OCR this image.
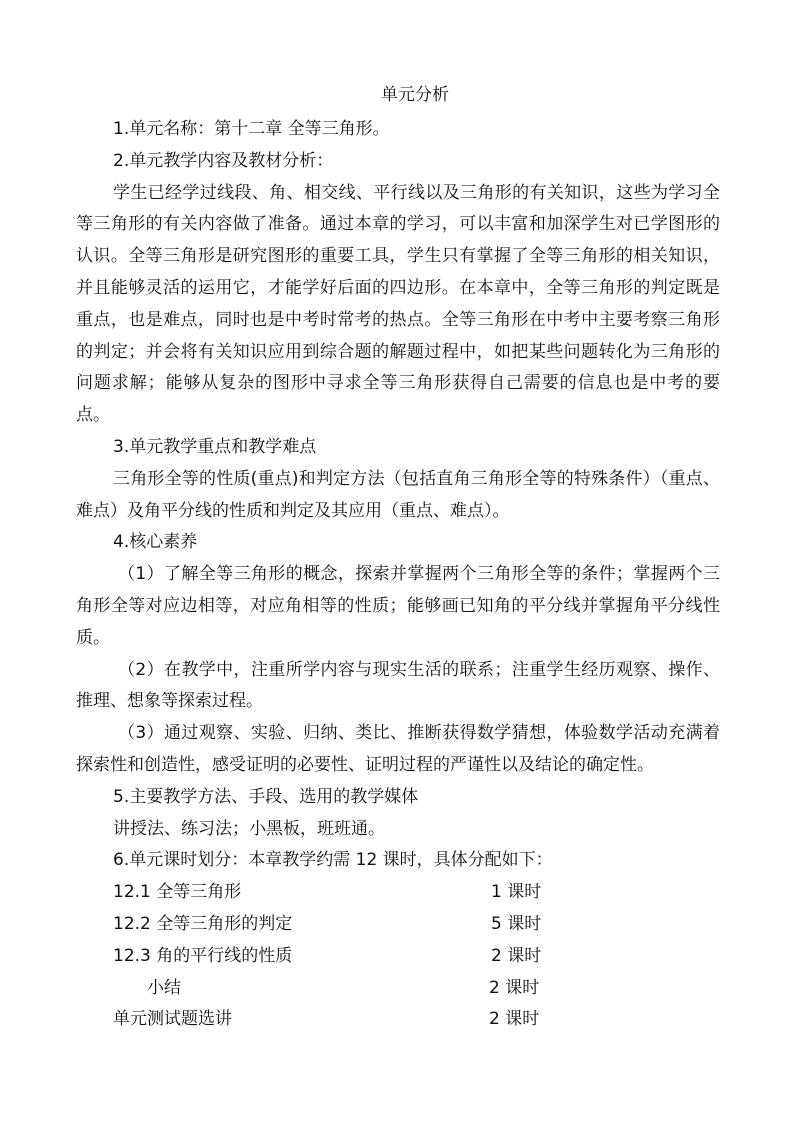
单元分析

1.单元名称：第十二章 全等三角形。

2.单元教学内容及教材分析：

学生已经学过线段、角、相交线、平行线以及三角形的有关知识，这些为学习全等三角形的有关内容做了准备。通过本章的学习，可以丰富和加深学生对已学图形的认识。全等三角形是研究图形的重要工具，学生只有掌握了全等三角形的相关知识，并且能够灵活的运用它，才能学好后面的四边形。在本章中，全等三角形的判定既是重点，也是难点，同时也是中考时常考的热点。全等三角形在中考中主要考察三角形的判定；并会将有关知识应用到综合题的解题过程中，如把某些问题转化为三角形的问题求解；能够从复杂的图形中寻求全等三角形获得自己需要的信息也是中考的要点。

3.单元教学重点和教学难点

三角形全等的性质(重点)和判定方法（包括直角三角形全等的特殊条件）（重点、难点）及角平分线的性质和判定及其应用（重点、难点）。

4.核心素养

（1）了解全等三角形的概念，探索并掌握两个三角形全等的条件；掌握两个三角形全等对应边相等，对应角相等的性质；能够画已知角的平分线并掌握角平分线性质。

（2）在教学中，注重所学内容与现实生活的联系；注重学生经历观察、操作、推理、想象等探索过程。

（3）通过观察、实验、归纳、类比、推断获得数学猜想，体验数学活动充满着探索性和创造性，感受证明的必要性、证明过程的严谨性以及结论的确定性。

5.主要教学方法、手段、选用的教学媒体

讲授法、练习法；小黑板，班班通。

6.单元课时划分：本章教学约需 12 课时，具体分配如下：

12.1 全等三角形	1 课时
12.2 全等三角形的判定	5 课时
12.3 角的平行线的性质	2 课时
小结	2 课时
单元测试题选讲	2 课时
